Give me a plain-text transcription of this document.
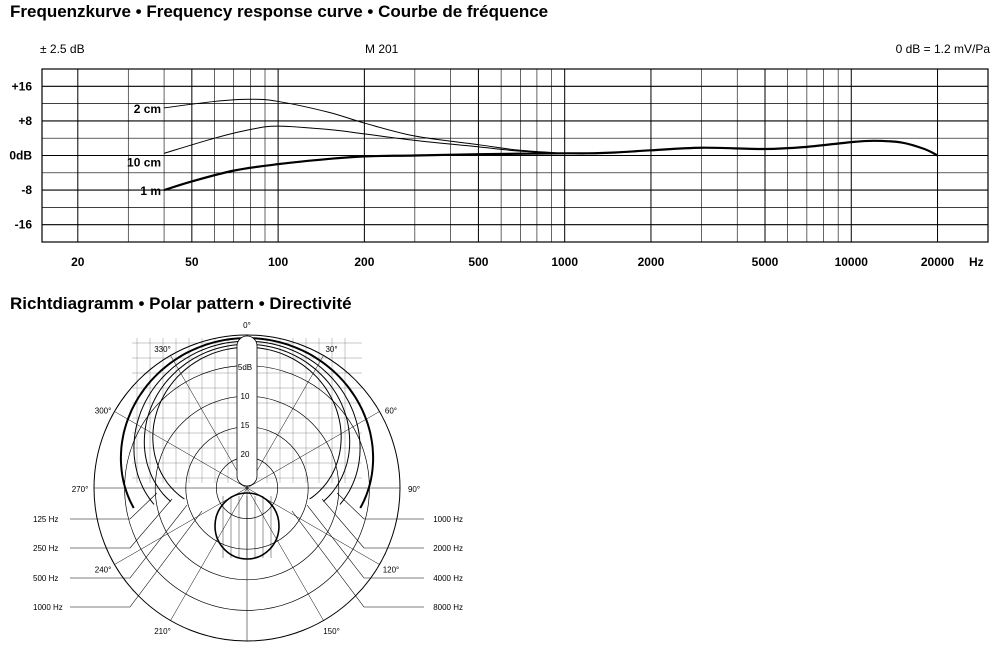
Frequenzkurve • Frequency response curve • Courbe de fréquence
± 2.5 dB	M 201	0 dB = 1.2 mV/Pa
+16
+8
0dB
-8
-16
20	50	100	200	500	1000	2000	5000	10000	20000 Hz
2 cm
10 cm
1 m
Richtdiagramm • Polar pattern • Directivité
5dB
10
15
20
0°
30°
60°
90°
120°
150°
210°
240°
270°
300°
330°
125 Hz
250 Hz
500 Hz
1000 Hz
1000 Hz
2000 Hz
4000 Hz
8000 Hz
